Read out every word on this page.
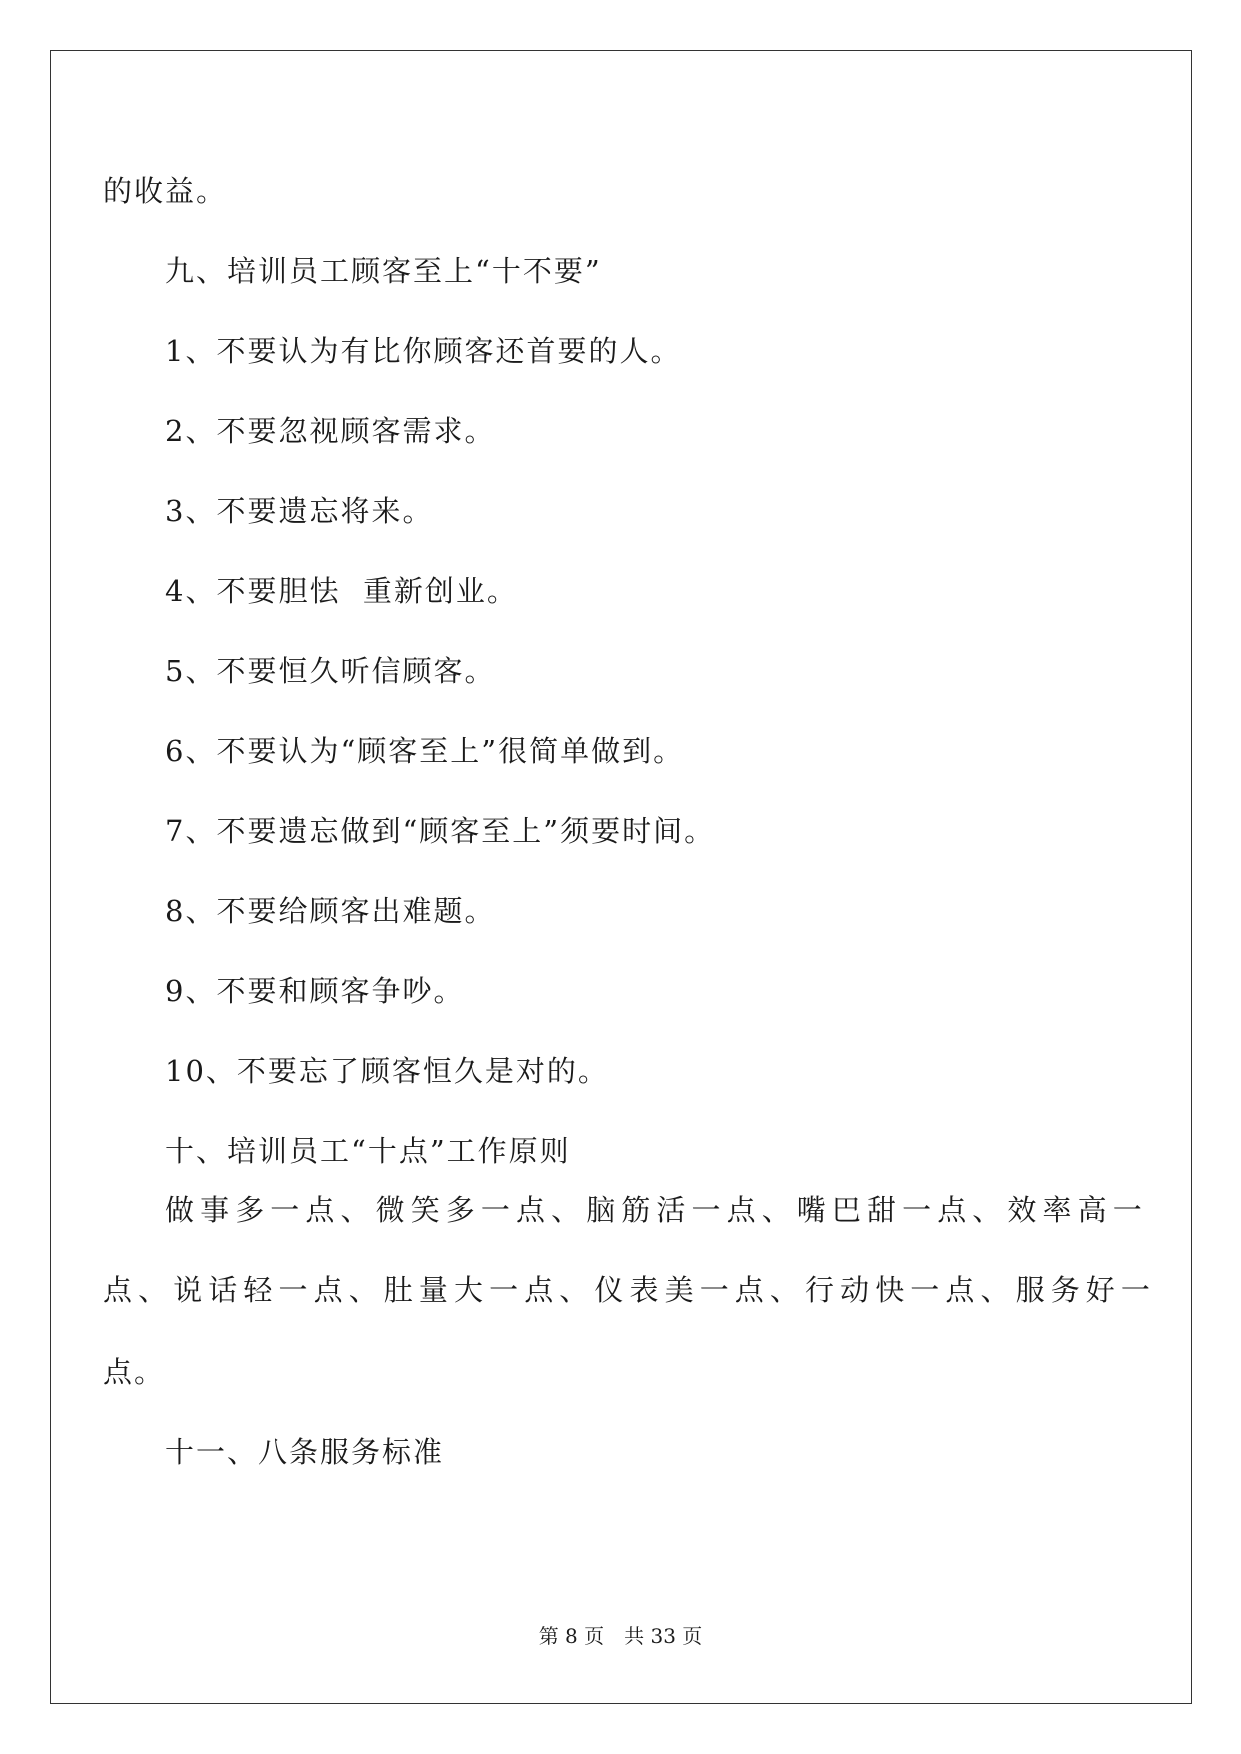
的收益。
九、培训员工顾客至上“十不要”
1、不要认为有比你顾客还首要的人。
2、不要忽视顾客需求。
3、不要遗忘将来。
4、不要胆怯  重新创业。
5、不要恒久听信顾客。
6、不要认为“顾客至上”很简单做到。
7、不要遗忘做到“顾客至上”须要时间。
8、不要给顾客出难题。
9、不要和顾客争吵。
10、不要忘了顾客恒久是对的。
十、培训员工“十点”工作原则
做事多一点、微笑多一点、脑筋活一点、嘴巴甜一点、效率高一
点、说话轻一点、肚量大一点、仪表美一点、行动快一点、服务好一
点。
十一、八条服务标准
第 8 页　共 33 页
